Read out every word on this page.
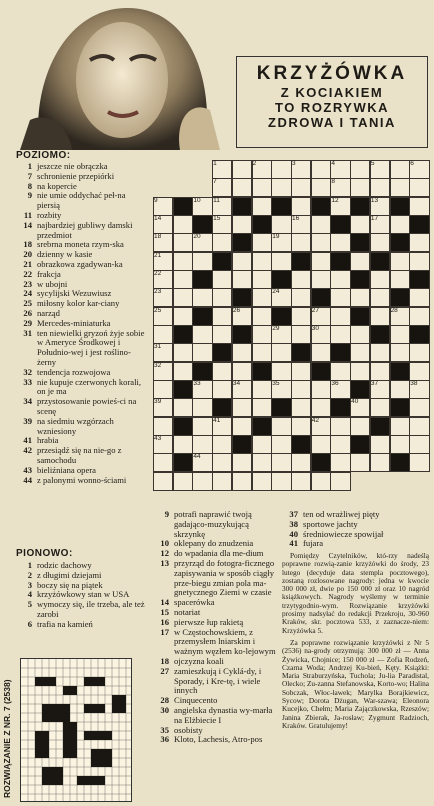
KRZYŻÓWKA
Z KOCIAKIEM
TO ROZRYWKA
ZDROWA I TANIA
POZIOMO:
1 jeszcze nie obrączka
7 schronienie przepiórki
8 na kopercie
9 nie umie oddychać peł-na piersią
11 rozbity
14 najbardziej gubliwy damski przedmiot
18 srebrna moneta rzym-ska
20 dzienny w kasie
21 obrazkowa zgadywan-ka
22 frakcja
23 w ubojni
24 sycylijski Wezuwiusz
25 miłosny kolor kar-ciany
26 narząd
29 Mercedes-miniaturka
31 ten niewielki gryzoń żyje sobie w Ameryce Środkowej i Południo-wej i jest roślino-żerny
32 tendencja rozwojowa
33 nie kupuje czerwonych korali, on je ma
34 przystosowanie powieś-ci na scenę
39 na siedmiu wzgórzach wzniesiony
41 hrabia
42 przesiądź się na nie-go z samochodu
43 bieliźniana opera
44 z palonymi wonno-ściami
PIONOWO:
1 rodzic dachowy
2 z długimi dziejami
3 boczy się na piątek
4 krzyżówkowy stan w USA
5 wymoczy się, ile trzeba, ale też zarobi
6 trafia na kamień
9 potrafi naprawić twoją gadająco-muzykującą skrzynkę
10 oklepany do znudzenia
12 do wpadania dla me-dium
13 przyrząd do fotogra-ficznego zapisywania w sposób ciągły prze-biegu zmian pola ma-gnetycznego Ziemi w czasie
14 spacerówka
15 notariat
16 pierwsze łup rakietą
17 w Częstochowskiem, z przemysłem lniarskim i ważnym węzłem ko-lejowym
18 ojczyzna koali
27 zamieszkują i Cyklá-dy, i Sporady, i Kre-tę, i wiele innych
28 Cinquecento
30 angielska dynastia wy-marła na Elżbiecie I
35 osobisty
36 Kloto, Lachesis, Atro-pos
37 ten od wrażliwej pięty
38 sportowe jachty
40 średniowiecze spowijał
41 fujara
1	2	3	4	5	6
7	8
9	10 11	12	13
14	15	16	17
18	19
20
21
22
23	24
25	26	27	28
29	30
31
32
33	34	35	36	37	38
39	40
41	42
43
44

Pomiędzy Czytelników, któ-rzy nadeślą poprawne rozwią-zanie krzyżówki do środy, 23 lutego (decyduje data stempla pocztowego), zostaną rozlosowane nagrody: jedna w kwocie 300 000 zł, dwie po 150 000 zł oraz 10 nagród książkowych. Nagrody wyślemy w terminie trzytygodnio-wym. Rozwiązanie krzyżówki prosimy nadsyłać do redakcji Przekroju, 30-960 Kraków, skr. pocztowa 533, z zaznacze-niem: Krzyżówka 5.

Za poprawne rozwiązanie krzyżówki z Nr 5 (2536) na-grody otrzymują: 300 000 zł — Anna Żywicka, Chojnice; 150 000 zł — Zofia Rodzeń, Czarna Woda; Andrzej Ku-bień, Kęty. Książki: Maria Straburzyńska, Tuchola; Ju-lia Paradistal, Olecko; Zu-zanna Stefanowska, Korto-wo; Halina Sobczak, Włoc-ławek; Marylka Borajkiewicz, Sycow; Dorota Dżugan, War-szawa; Eleonora Kucejko, Chełm; Maria Zajączkowska, Rzeszów; Janina Zbierak, Ja-rosław; Zygmunt Radzioch, Kraków. Gratulujemy!

ROZWIĄZANIE Z NR. 7 (2538)
